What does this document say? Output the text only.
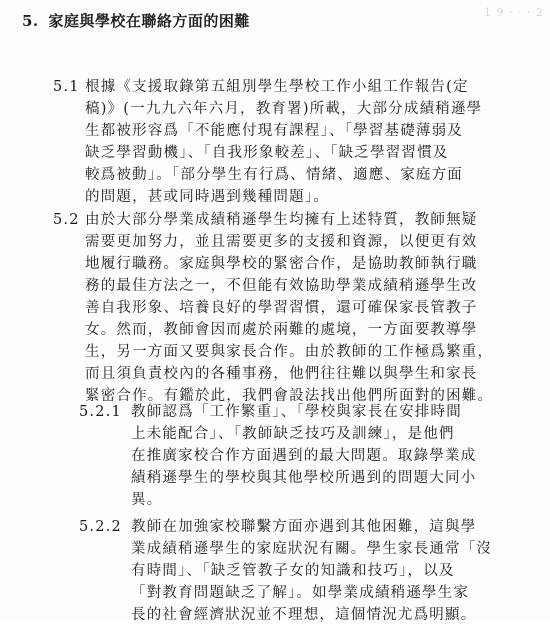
1 9 · · · 2
5. 家庭與學校在聯絡方面的困難
5.1 根據《支援取錄第五組別學生學校工作小組工作報告(定
稿)》(一九九六年六月，教育署)所載，大部分成績稍遜學
生都被形容爲「不能應付現有課程」、「學習基礎薄弱及
缺乏學習動機」、「自我形象較差」、「缺乏學習習慣及
較爲被動」。「部分學生有行爲、情緒、適應、家庭方面
的問題，甚或同時遇到幾種問題」。
5.2 由於大部分學業成績稍遜學生均擁有上述特質，教師無疑
需要更加努力，並且需要更多的支援和資源，以便更有效
地履行職務。家庭與學校的緊密合作，是協助教師執行職
務的最佳方法之一，不但能有效協助學業成績稍遜學生改
善自我形象、培養良好的學習習慣，還可確保家長管教子
女。然而，教師會因而處於兩難的處境，一方面要教導學
生，另一方面又要與家長合作。由於教師的工作極爲繁重，
而且須負責校內的各種事務，他們往往難以與學生和家長
緊密合作。有鑑於此，我們會設法找出他們所面對的困難。
5.2.1 教師認爲「工作繁重」、「學校與家長在安排時間
上未能配合」、「教師缺乏技巧及訓練」，是他們
在推廣家校合作方面遇到的最大問題。取錄學業成
績稍遜學生的學校與其他學校所遇到的問題大同小
異。
5.2.2 教師在加強家校聯繫方面亦遇到其他困難，這與學
業成績稍遜學生的家庭狀況有關。學生家長通常「沒
有時間」、「缺乏管教子女的知識和技巧」，以及
「對教育問題缺乏了解」。如學業成績稍遜學生家
長的社會經濟狀況並不理想，這個情況尤爲明顯。
